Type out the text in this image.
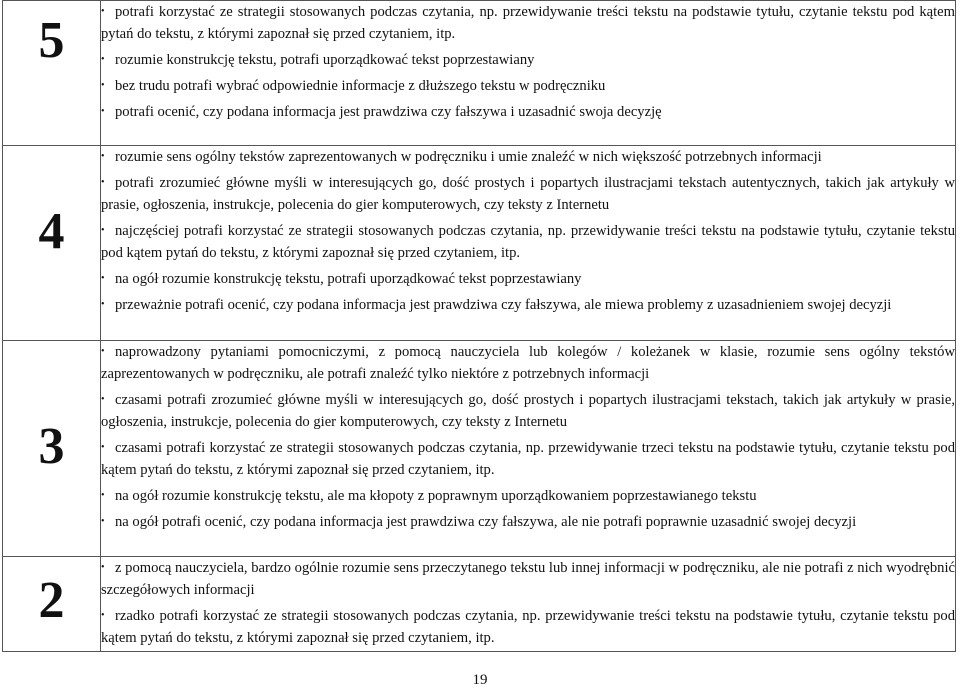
5	• potrafi korzystać ze strategii stosowanych podczas czytania, np. przewidywanie treści tekstu na podstawie tytułu, czytanie tekstu pod kątem pytań do tekstu, z którymi zapoznał się przed czytaniem, itp.

• rozumie konstrukcję tekstu, potrafi uporządkować tekst poprzestawiany

• bez trudu potrafi wybrać odpowiednie informacje z dłuższego tekstu w podręczniku

• potrafi ocenić, czy podana informacja jest prawdziwa czy fałszywa i uzasadnić swoja decyzję

4	• rozumie sens ogólny tekstów zaprezentowanych w podręczniku i umie znaleźć w nich większość potrzebnych informacji

• potrafi zrozumieć główne myśli w interesujących go, dość prostych i popartych ilustracjami tekstach autentycznych, takich jak artykuły w prasie, ogłoszenia, instrukcje, polecenia do gier komputerowych, czy teksty z Internetu

• najczęściej potrafi korzystać ze strategii stosowanych podczas czytania, np. przewidywanie treści tekstu na podstawie tytułu, czytanie tekstu pod kątem pytań do tekstu, z którymi zapoznał się przed czytaniem, itp.

• na ogół rozumie konstrukcję tekstu, potrafi uporządkować tekst poprzestawiany

• przeważnie potrafi ocenić, czy podana informacja jest prawdziwa czy fałszywa, ale miewa problemy z uzasadnieniem swojej decyzji

3	• naprowadzony pytaniami pomocniczymi, z pomocą nauczyciela lub kolegów / koleżanek w klasie, rozumie sens ogólny tekstów zaprezentowanych w podręczniku, ale potrafi znaleźć tylko niektóre z potrzebnych informacji

• czasami potrafi zrozumieć główne myśli w interesujących go, dość prostych i popartych ilustracjami tekstach, takich jak artykuły w prasie, ogłoszenia, instrukcje, polecenia do gier komputerowych, czy teksty z Internetu

• czasami potrafi korzystać ze strategii stosowanych podczas czytania, np. przewidywanie trzeci tekstu na podstawie tytułu, czytanie tekstu pod kątem pytań do tekstu, z którymi zapoznał się przed czytaniem, itp.

• na ogół rozumie konstrukcję tekstu, ale ma kłopoty z poprawnym uporządkowaniem poprzestawianego tekstu

• na ogół potrafi ocenić, czy podana informacja jest prawdziwa czy fałszywa, ale nie potrafi poprawnie uzasadnić swojej decyzji

2	• z pomocą nauczyciela, bardzo ogólnie rozumie sens przeczytanego tekstu lub innej informacji w podręczniku, ale nie potrafi z nich wyodrębnić szczegółowych informacji

• rzadko potrafi korzystać ze strategii stosowanych podczas czytania, np. przewidywanie treści tekstu na podstawie tytułu, czytanie tekstu pod kątem pytań do tekstu, z którymi zapoznał się przed czytaniem, itp.

19
